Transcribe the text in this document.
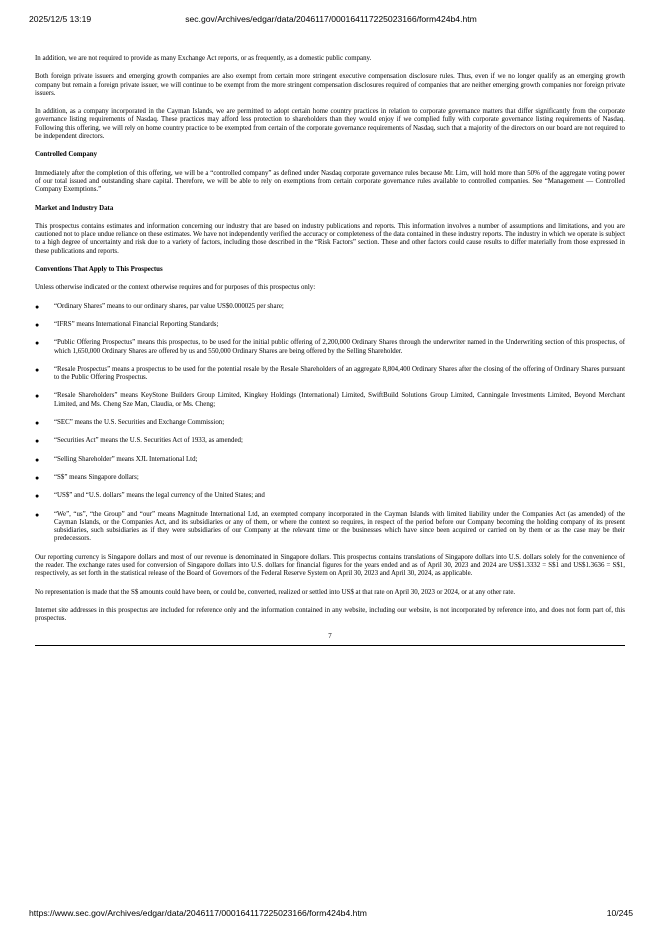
2025/12/5 13:19	sec.gov/Archives/edgar/data/2046117/000164117225023166/form424b4.htm

In addition, we are not required to provide as many Exchange Act reports, or as frequently, as a domestic public company.

Both foreign private issuers and emerging growth companies are also exempt from certain more stringent executive compensation disclosure rules. Thus, even if we no longer qualify as an emerging growth company but remain a foreign private issuer, we will continue to be exempt from the more stringent compensation disclosures required of companies that are neither emerging growth companies nor foreign private issuers.

In addition, as a company incorporated in the Cayman Islands, we are permitted to adopt certain home country practices in relation to corporate governance matters that differ significantly from the corporate governance listing requirements of Nasdaq. These practices may afford less protection to shareholders than they would enjoy if we complied fully with corporate governance listing requirements of Nasdaq. Following this offering, we will rely on home country practice to be exempted from certain of the corporate governance requirements of Nasdaq, such that a majority of the directors on our board are not required to be independent directors.

Controlled Company

Immediately after the completion of this offering, we will be a “controlled company” as defined under Nasdaq corporate governance rules because Mr. Lim, will hold more than 50% of the aggregate voting power of our total issued and outstanding share capital. Therefore, we will be able to rely on exemptions from certain corporate governance rules available to controlled companies. See “Management — Controlled Company Exemptions.”

Market and Industry Data

This prospectus contains estimates and information concerning our industry that are based on industry publications and reports. This information involves a number of assumptions and limitations, and you are cautioned not to place undue reliance on these estimates. We have not independently verified the accuracy or completeness of the data contained in these industry reports. The industry in which we operate is subject to a high degree of uncertainty and risk due to a variety of factors, including those described in the “Risk Factors” section. These and other factors could cause results to differ materially from those expressed in these publications and reports.

Conventions That Apply to This Prospectus

Unless otherwise indicated or the context otherwise requires and for purposes of this prospectus only:

● “Ordinary Shares” means to our ordinary shares, par value US$0.000025 per share;
● “IFRS” means International Financial Reporting Standards;
● “Public Offering Prospectus” means this prospectus, to be used for the initial public offering of 2,200,000 Ordinary Shares through the underwriter named in the Underwriting section of this prospectus, of which 1,650,000 Ordinary Shares are offered by us and 550,000 Ordinary Shares are being offered by the Selling Shareholder.
● “Resale Prospectus” means a prospectus to be used for the potential resale by the Resale Shareholders of an aggregate 8,804,400 Ordinary Shares after the closing of the offering of Ordinary Shares pursuant to the Public Offering Prospectus.
● “Resale Shareholders” means KeyStone Builders Group Limited, Kingkey Holdings (International) Limited, SwiftBuild Solutions Group Limited, Canningale Investments Limited, Beyond Merchant Limited, and Ms. Cheng Sze Man, Claudia, or Ms. Cheng;
● “SEC” means the U.S. Securities and Exchange Commission;
● “Securities Act” means the U.S. Securities Act of 1933, as amended;
● “Selling Shareholder” means XJL International Ltd;
● “S$” means Singapore dollars;
● “US$” and “U.S. dollars” means the legal currency of the United States; and
● “We”, “us”, “the Group” and “our” means Magnitude International Ltd, an exempted company incorporated in the Cayman Islands with limited liability under the Companies Act (as amended) of the Cayman Islands, or the Companies Act, and its subsidiaries or any of them, or where the context so requires, in respect of the period before our Company becoming the holding company of its present subsidiaries, such subsidiaries as if they were subsidiaries of our Company at the relevant time or the businesses which have since been acquired or carried on by them or as the case may be their predecessors.

Our reporting currency is Singapore dollars and most of our revenue is denominated in Singapore dollars. This prospectus contains translations of Singapore dollars into U.S. dollars solely for the convenience of the reader. The exchange rates used for conversion of Singapore dollars into U.S. dollars for financial figures for the years ended and as of April 30, 2023 and 2024 are US$1.3332 = S$1 and US$1.3636 = S$1, respectively, as set forth in the statistical release of the Board of Governors of the Federal Reserve System on April 30, 2023 and April 30, 2024, as applicable.

No representation is made that the S$ amounts could have been, or could be, converted, realized or settled into US$ at that rate on April 30, 2023 or 2024, or at any other rate.

Internet site addresses in this prospectus are included for reference only and the information contained in any website, including our website, is not incorporated by reference into, and does not form part of, this prospectus.

7
https://www.sec.gov/Archives/edgar/data/2046117/000164117225023166/form424b4.htm	10/245
